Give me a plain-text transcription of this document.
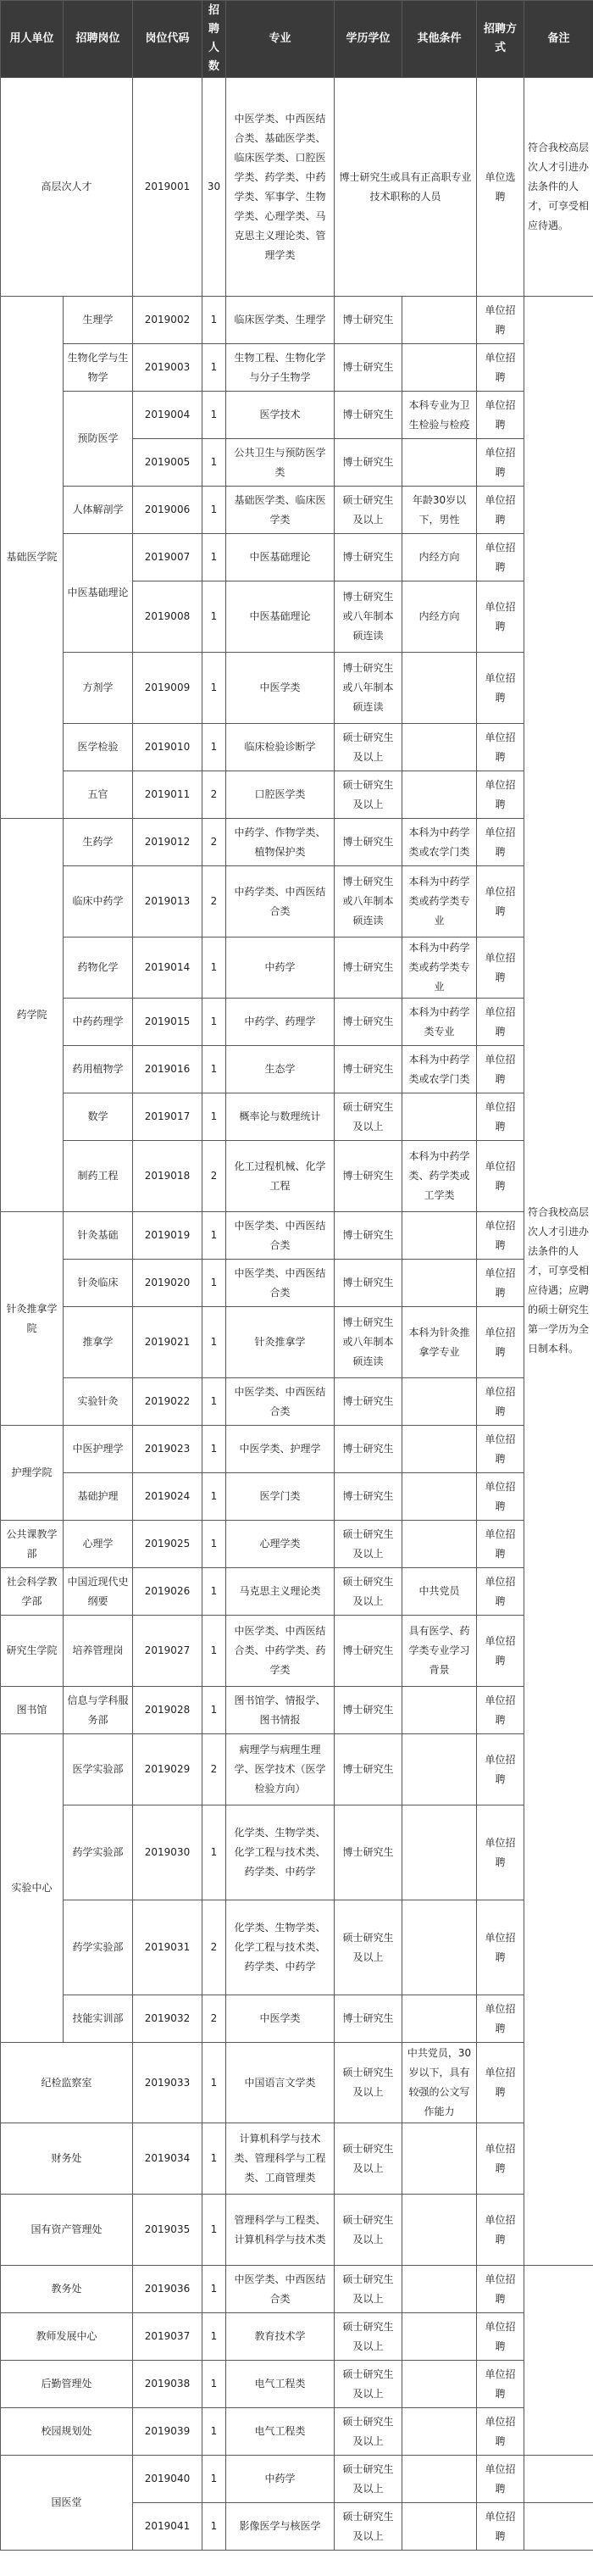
用人单位	招聘岗位	岗位代码	招聘人数	专业	学历学位	其他条件	招聘方式	备注
高层次人才		2019001	30	中医学类、中西医结合类、基础医学类、临床医学类、口腔医学类、药学类、中药学类、军事学、生物学类、心理学类、马克思主义理论类、管理学类	博士研究生或具有正高职专业技术职称的人员		单位选聘	符合我校高层次人才引进办法条件的人才，可享受相应待遇。
基础医学院	生理学	2019002	1	临床医学类、生理学	博士研究生		单位招聘	符合我校高层次人才引进办法条件的人才，可享受相应待遇；应聘的硕士研究生第一学历为全日制本科。
	生物化学与生物学	2019003	1	生物工程、生物化学与分子生物学	博士研究生		单位招聘	
	预防医学	2019004	1	医学技术	博士研究生	本科专业为卫生检验与检疫	单位招聘	
		2019005	1	公共卫生与预防医学类	博士研究生		单位招聘	
	人体解剖学	2019006	1	基础医学类、临床医学类	硕士研究生及以上	年龄30岁以下，男性	单位招聘	
	中医基础理论	2019007	1	中医基础理论	博士研究生	内经方向	单位招聘	
		2019008	1	中医基础理论	博士研究生或八年制本硕连读	内经方向	单位招聘	
	方剂学	2019009	1	中医学类	博士研究生或八年制本硕连读		单位招聘	
	医学检验	2019010	1	临床检验诊断学	硕士研究生及以上		单位招聘	
	五官	2019011	2	口腔医学类	硕士研究生及以上		单位招聘	
药学院	生药学	2019012	2	中药学、作物学类、植物保护类	博士研究生	本科为中药学类或农学门类	单位招聘	
	临床中药学	2019013	2	中药学类、中西医结合类	博士研究生或八年制本硕连读	本科为中药学类或药学类专业	单位招聘	
	药物化学	2019014	1	中药学	博士研究生	本科为中药学类或药学类专业	单位招聘	
	中药药理学	2019015	1	中药学、药理学	博士研究生	本科为中药学类专业	单位招聘	
	药用植物学	2019016	1	生态学	博士研究生	本科为中药学类或农学门类	单位招聘	
	数学	2019017	1	概率论与数理统计	硕士研究生及以上		单位招聘	
	制药工程	2019018	2	化工过程机械、化学工程	博士研究生	本科为中药学类、药学类或工学类	单位招聘	
针灸推拿学院	针灸基础	2019019	1	中医学类、中西医结合类	博士研究生		单位招聘	
	针灸临床	2019020	1	中医学类、中西医结合类	博士研究生		单位招聘	
	推拿学	2019021	1	针灸推拿学	博士研究生或八年制本硕连读	本科为针灸推拿学专业	单位招聘	
	实验针灸	2019022	1	中医学类、中西医结合类	博士研究生		单位招聘	
护理学院	中医护理学	2019023	1	中医学类、护理学	博士研究生		单位招聘	
	基础护理	2019024	1	医学门类	博士研究生		单位招聘	
公共课教学部	心理学	2019025	1	心理学类	硕士研究生及以上		单位招聘	
社会科学教学部	中国近现代史纲要	2019026	1	马克思主义理论类	硕士研究生及以上	中共党员	单位招聘	
研究生学院	培养管理岗	2019027	1	中医学类、中西医结合类、中药学类、药学类	博士研究生	具有医学、药学类专业学习背景	单位招聘	
图书馆	信息与学科服务部	2019028	1	图书馆学、情报学、图书情报	博士研究生		单位招聘	
实验中心	医学实验部	2019029	2	病理学与病理生理学、医学技术（医学检验方向）	博士研究生		单位招聘	
	药学实验部	2019030	1	化学类、生物学类、化学工程与技术类、药学类、中药学	博士研究生		单位招聘	
	药学实验部	2019031	2	化学类、生物学类、化学工程与技术类、药学类、中药学	硕士研究生及以上		单位招聘	
	技能实训部	2019032	2	中医学类	博士研究生		单位招聘	
纪检监察室		2019033	1	中国语言文学类	硕士研究生及以上	中共党员，30岁以下，具有较强的公文写作能力	单位招聘	
财务处		2019034	1	计算机科学与技术类、管理科学与工程类、工商管理类	硕士研究生及以上		单位招聘	
国有资产管理处		2019035	1	管理科学与工程类、计算机科学与技术类	硕士研究生及以上		单位招聘	
教务处		2019036	1	中医学类、中西医结合类	硕士研究生及以上		单位招聘	
教师发展中心		2019037	1	教育技术学	硕士研究生及以上		单位招聘	
后勤管理处		2019038	1	电气工程类	硕士研究生及以上		单位招聘	
校园规划处		2019039	1	电气工程类	硕士研究生及以上		单位招聘	
国医堂		2019040	1	中药学	硕士研究生及以上		单位招聘	
		2019041	1	影像医学与核医学	硕士研究生及以上		单位招聘	
